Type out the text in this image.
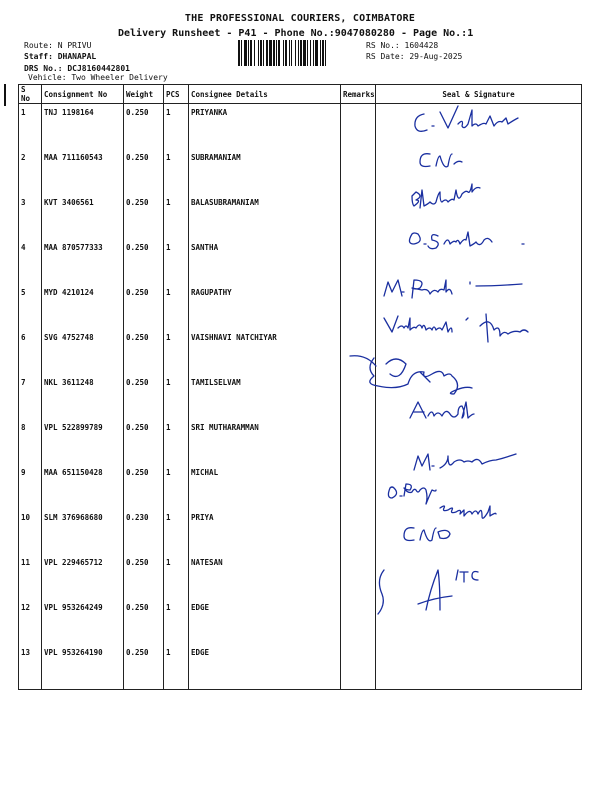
THE PROFESSIONAL COURIERS, COIMBATORE
Delivery Runsheet - P41 - Phone No.:9047080280 - Page No.:1
Route: N PRIVU
Staff: DHANAPAL
DRS No.: DCJ8160442801
Vehicle: Two Wheeler Delivery
RS No.: 1604428
RS Date: 29-Aug-2025
S No	Consignment No	Weight	PCS	Consignee Details	Remarks	Seal & Signature
1	TNJ 1198164	0.250	1	PRIYANKA		
2	MAA 711160543	0.250	1	SUBRAMANIAM		
3	KVT 3406561	0.250	1	BALASUBRAMANIAM		
4	MAA 870577333	0.250	1	SANTHA		
5	MYD 4210124	0.250	1	RAGUPATHY		
6	SVG 4752748	0.250	1	VAISHNAVI NATCHIYAR		
7	NKL 3611248	0.250	1	TAMILSELVAM		
8	VPL 522899789	0.250	1	SRI MUTHARAMMAN		
9	MAA 651150428	0.250	1	MICHAL		
10	SLM 376968680	0.230	1	PRIYA		
11	VPL 229465712	0.250	1	NATESAN		
12	VPL 953264249	0.250	1	EDGE		
13	VPL 953264190	0.250	1	EDGE		
